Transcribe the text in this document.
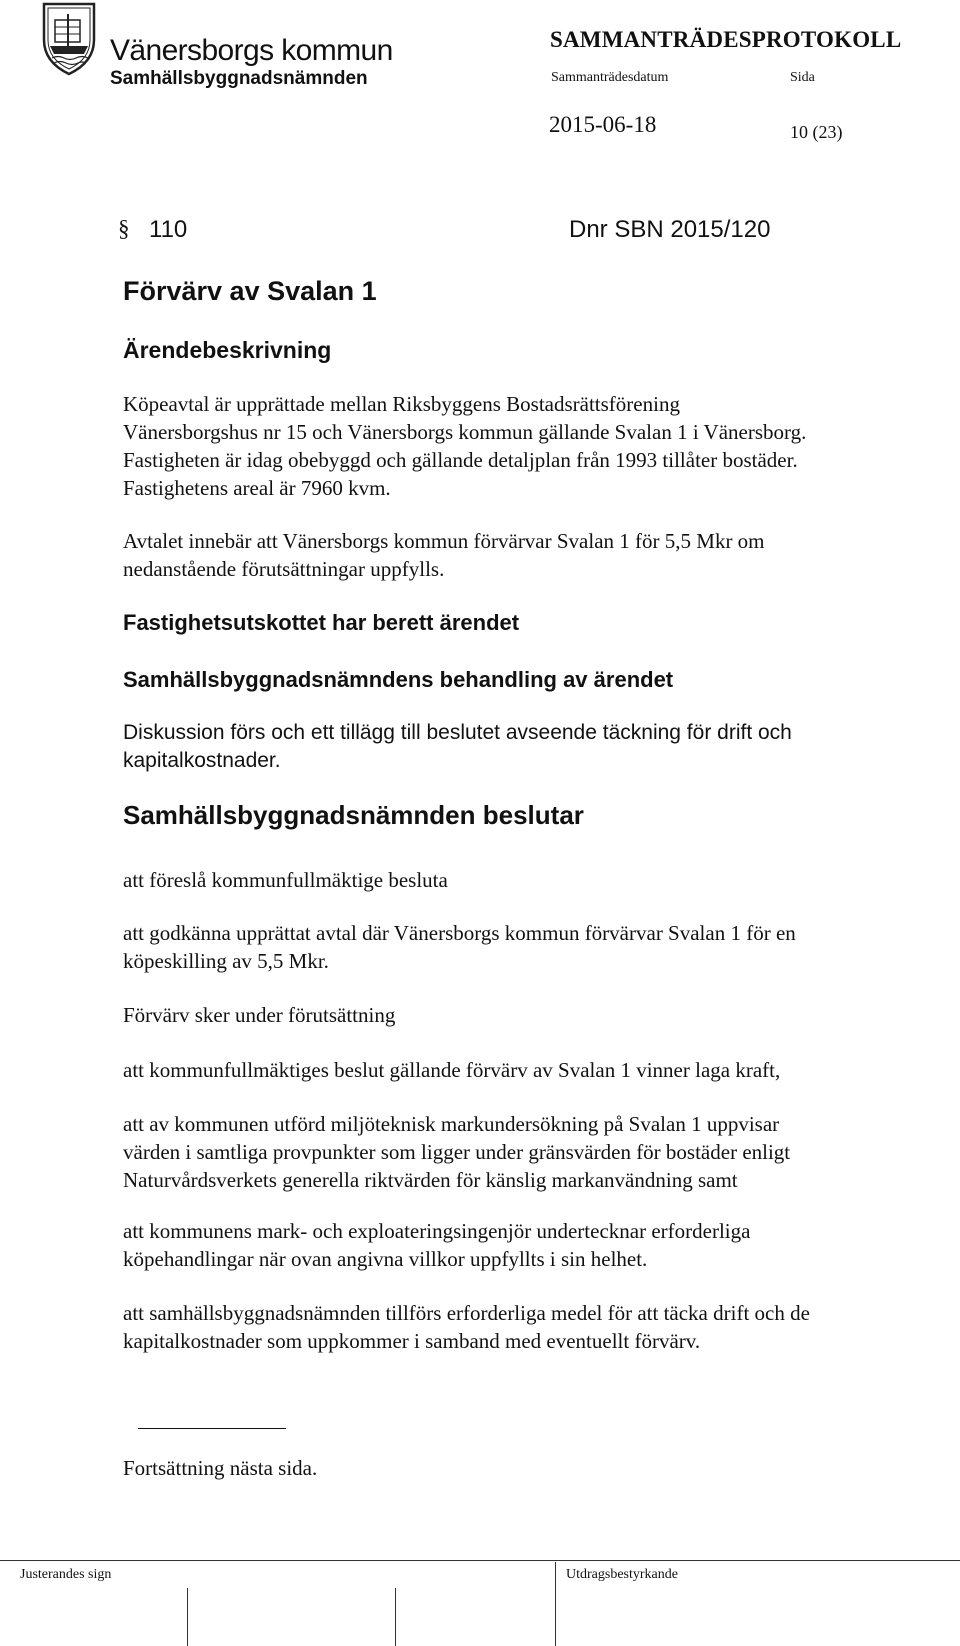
Vänersborgs kommun
Samhällsbyggnadsnämnden
SAMMANTRÄDESPROTOKOLL
Sammanträdesdatum	Sida
2015-06-18	10 (23)
§ 110	Dnr SBN 2015/120
Förvärv av Svalan 1
Ärendebeskrivning
Köpeavtal är upprättade mellan Riksbyggens Bostadsrättsförening
Vänersborgshus nr 15 och Vänersborgs kommun gällande Svalan 1 i Vänersborg.
Fastigheten är idag obebyggd och gällande detaljplan från 1993 tillåter bostäder.
Fastighetens areal är 7960 kvm.
Avtalet innebär att Vänersborgs kommun förvärvar Svalan 1 för 5,5 Mkr om
nedanstående förutsättningar uppfylls.
Fastighetsutskottet har berett ärendet
Samhällsbyggnadsnämndens behandling av ärendet
Diskussion förs och ett tillägg till beslutet avseende täckning för drift och
kapitalkostnader.
Samhällsbyggnadsnämnden beslutar
att föreslå kommunfullmäktige besluta
att godkänna upprättat avtal där Vänersborgs kommun förvärvar Svalan 1 för en
köpeskilling av 5,5 Mkr.
Förvärv sker under förutsättning
att kommunfullmäktiges beslut gällande förvärv av Svalan 1 vinner laga kraft,
att av kommunen utförd miljöteknisk markundersökning på Svalan 1 uppvisar
värden i samtliga provpunkter som ligger under gränsvärden för bostäder enligt
Naturvårdsverkets generella riktvärden för känslig markanvändning samt
att kommunens mark- och exploateringsingenjör undertecknar erforderliga
köpehandlingar när ovan angivna villkor uppfyllts i sin helhet.
att samhällsbyggnadsnämnden tillförs erforderliga medel för att täcka drift och de
kapitalkostnader som uppkommer i samband med eventuellt förvärv.
Fortsättning nästa sida.
Justerandes sign	Utdragsbestyrkande
